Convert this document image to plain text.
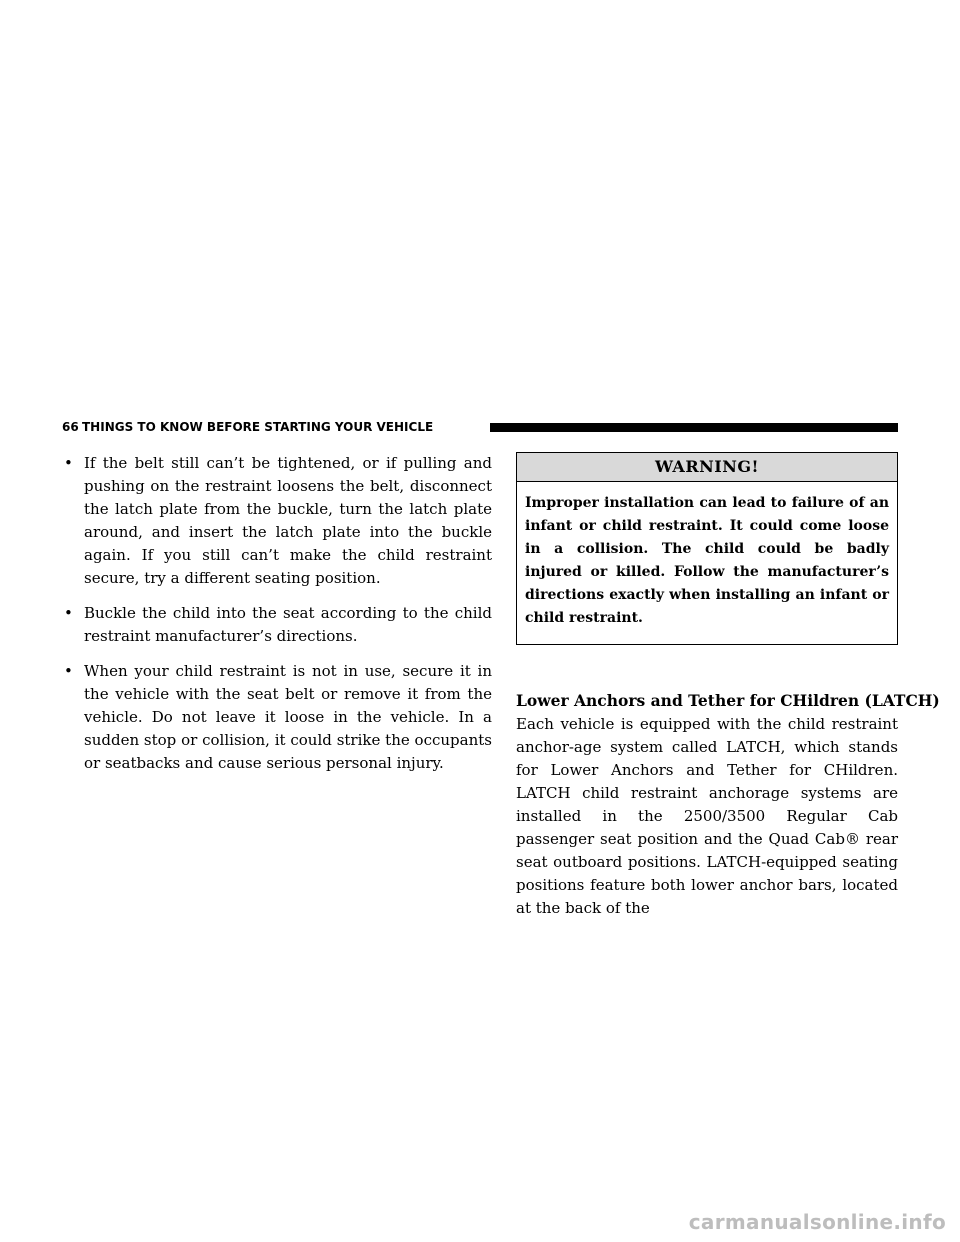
66 THINGS TO KNOW BEFORE STARTING YOUR VEHICLE
• If the belt still can’t be tightened, or if pulling and pushing on the restraint loosens the belt, disconnect the latch plate from the buckle, turn the latch plate around, and insert the latch plate into the buckle again. If you still can’t make the child restraint secure, try a different seating position.
• Buckle the child into the seat according to the child restraint manufacturer’s directions.
• When your child restraint is not in use, secure it in the vehicle with the seat belt or remove it from the vehicle. Do not leave it loose in the vehicle. In a sudden stop or collision, it could strike the occupants or seatbacks and cause serious personal injury.
WARNING!
Improper installation can lead to failure of an infant or child restraint. It could come loose in a collision. The child could be badly injured or killed. Follow the manufacturer’s directions exactly when installing an infant or child restraint.
Lower Anchors and Tether for CHildren (LATCH)
Each vehicle is equipped with the child restraint anchor-age system called LATCH, which stands for Lower Anchors and Tether for CHildren. LATCH child restraint anchorage systems are installed in the 2500/3500 Regular Cab passenger seat position and the Quad Cab® rear seat outboard positions. LATCH-equipped seating positions feature both lower anchor bars, located at the back of the
carmanualsonline.info
